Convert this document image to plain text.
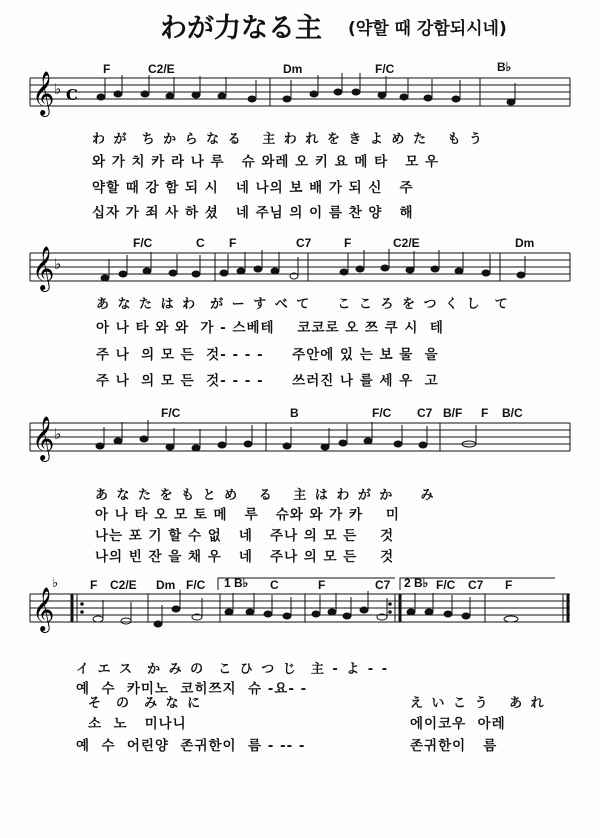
わが力なる主 (약할 때 강함되시네)
𝄞 ♭ C
F	C2/E	Dm	F/C	B♭
わ が  ち か ら な る   主 わ れ を き よ め た   も う
와 가 치 카 라 나 루   슈 와레 오 키 요 메 타   모 우
약할 때 강 함 되 시   네 나의 보 배 가 되 신   주
십자 가 죄 사 하 셨   네 주님 의 이 름 찬 양   해
𝄞 ♭
F/C	C F	C7	F	C2/E	Dm
あ な た は わ  が ー す べ て    こ こ ろ を つ く し  て
아 나 타 와 와  가 - 스베테    코코로 오 쯔 쿠 시  테
주 나  의 모 든  것- - - -     주안에 있 는 보 물  을
주 나  의 모 든  것- - - -     쓰러진 나 를 세 우  고
𝄞 ♭
F/C	B	F/C C7 B/F F B/C
あ な た を も と め   る   主 は わ が か    み
아 나 타 오 모 토 메   루   슈와 와 가 카    미
나는 포 기 할 수 없   네   주나 의 모 든    것
나의 빈 잔 을 채 우   네   주나 의 모 든    것
𝄞
♭	F C2/E Dm F/C 1 B♭ C	F	C7 2 B♭ F/C C7 F
イ エ ス  か み の  こ ひ つ じ  主 - よ - -
예  수  카미노  코히쯔지  슈 -요- -
そ  の  み な に
소  노   미나니
예  수  어린양  존귀한이  름 - -- -
え い こ う   あ れ
에이코우  아레
존귀한이   름
